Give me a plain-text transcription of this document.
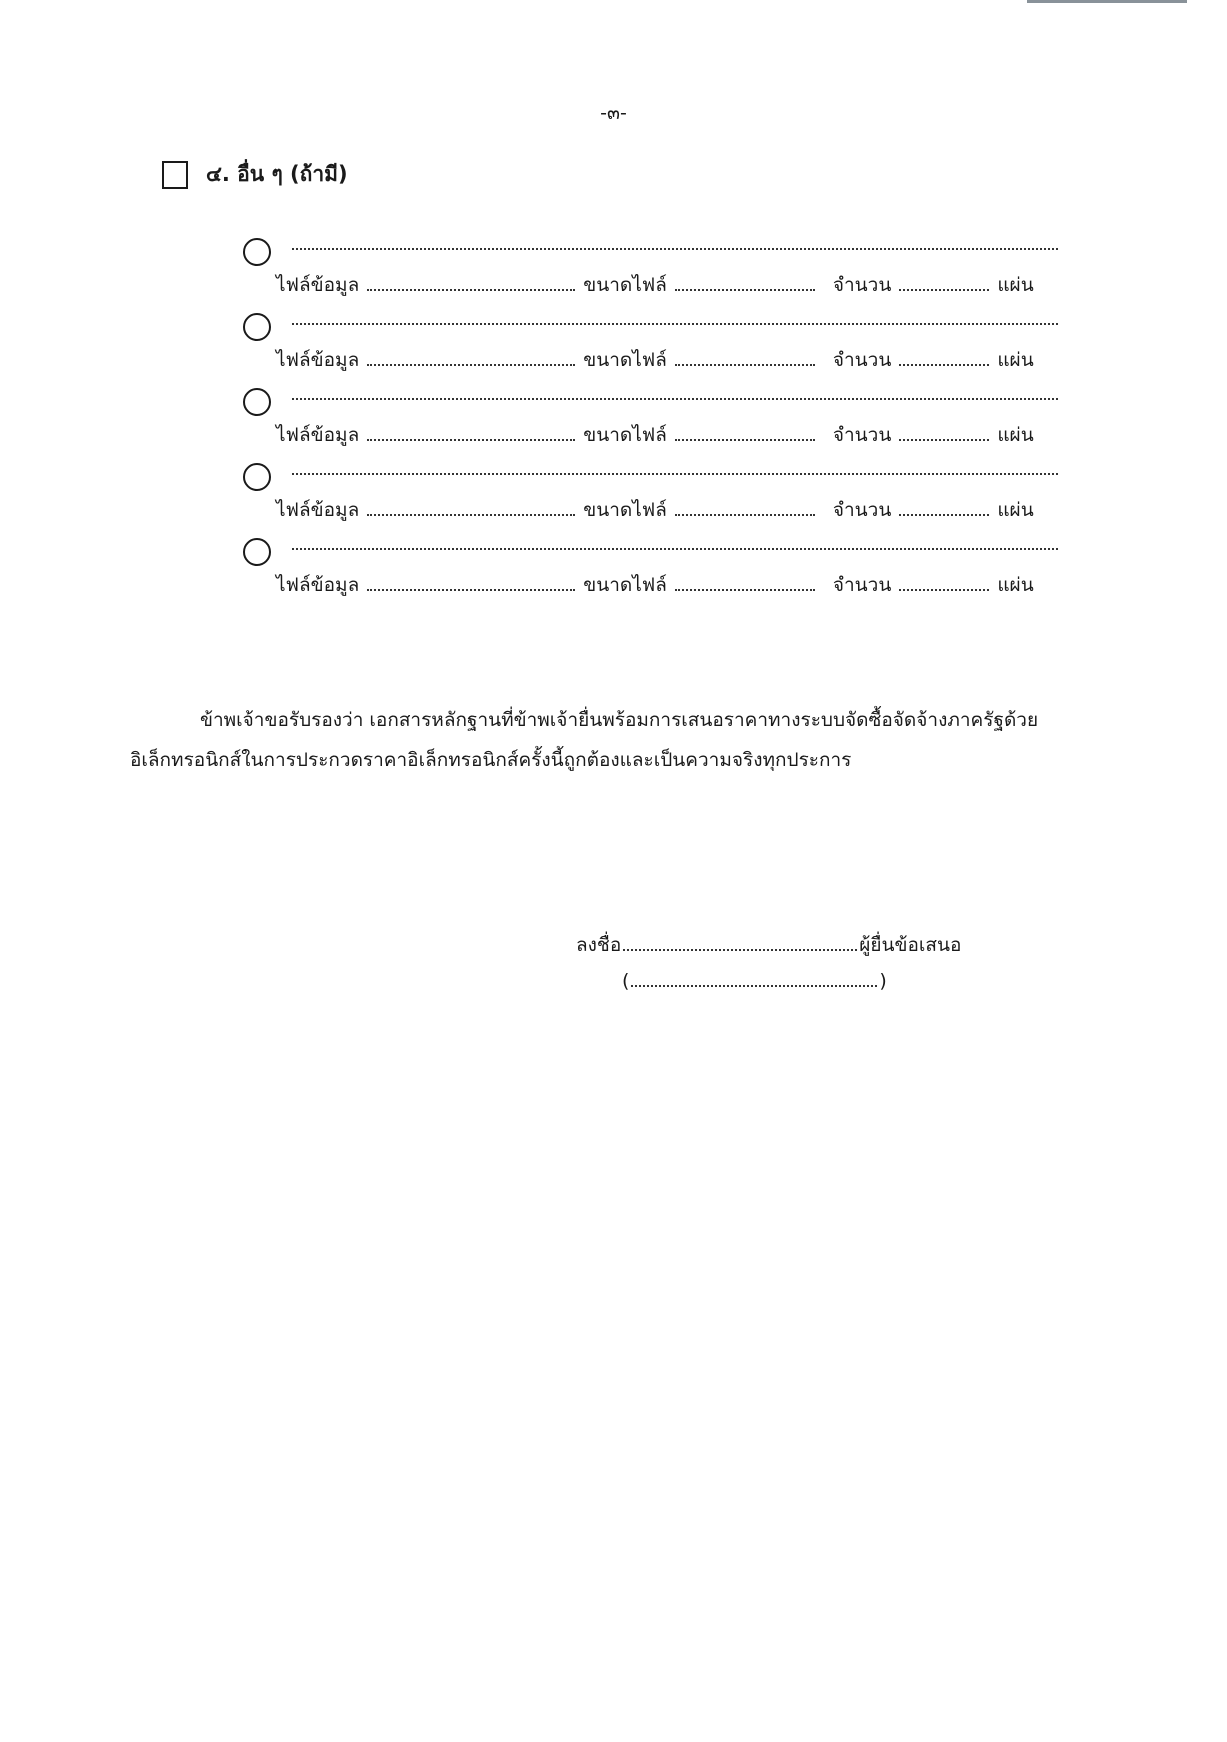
-๓-
๔. อื่น ๆ (ถ้ามี)
ไฟล์ข้อมูล	ขนาดไฟล์	จำนวน	แผ่น
ไฟล์ข้อมูล	ขนาดไฟล์	จำนวน	แผ่น
ไฟล์ข้อมูล	ขนาดไฟล์	จำนวน	แผ่น
ไฟล์ข้อมูล	ขนาดไฟล์	จำนวน	แผ่น
ไฟล์ข้อมูล	ขนาดไฟล์	จำนวน	แผ่น
ข้าพเจ้าขอรับรองว่า เอกสารหลักฐานที่ข้าพเจ้ายื่นพร้อมการเสนอราคาทางระบบจัดซื้อจัดจ้างภาครัฐด้วย
อิเล็กทรอนิกส์ในการประกวดราคาอิเล็กทรอนิกส์ครั้งนี้ถูกต้องและเป็นความจริงทุกประการ
ลงชื่อ	ผู้ยื่นข้อเสนอ
(	)
